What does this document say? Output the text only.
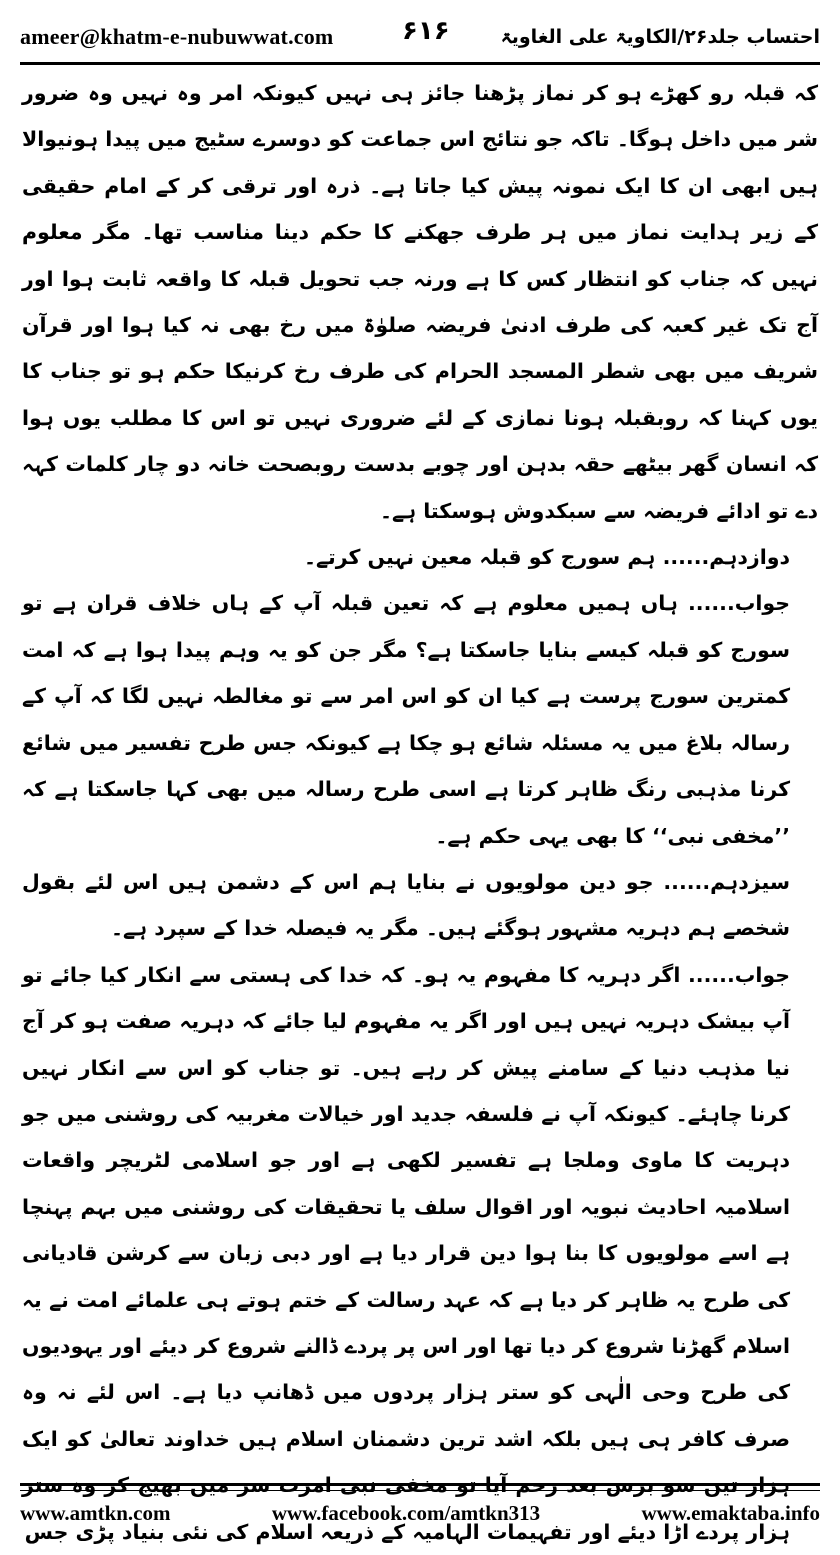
ameer@khatm-e-nubuwwat.com	۶۱۶	احتساب جلد۲۶/الکاویۃ علی الغاویۃ

کہ قبلہ رو کھڑے ہو کر نماز پڑھنا جائز ہی نہیں کیونکہ امر وہ نہیں وہ ضرور شر میں داخل ہوگا۔ تاکہ جو نتائج اس جماعت کو دوسرے سٹیج میں پیدا ہونیوالا ہیں ابھی ان کا ایک نمونہ پیش کیا جاتا ہے۔ ذرہ اور ترقی کر کے امام حقیقی کے زیر ہدایت نماز میں ہر طرف جھکنے کا حکم دینا مناسب تھا۔ مگر معلوم نہیں کہ جناب کو انتظار کس کا ہے ورنہ جب تحویل قبلہ کا واقعہ ثابت ہوا اور آج تک غیر کعبہ کی طرف ادنیٰ فریضہ صلوٰۃ میں رخ بھی نہ کیا ہوا اور قرآن شریف میں بھی شطر المسجد الحرام کی طرف رخ کرنیکا حکم ہو تو جناب کا یوں کہنا کہ روبقبلہ ہونا نمازی کے لئے ضروری نہیں تو اس کا مطلب یوں ہوا کہ انسان گھر بیٹھے حقہ بدہن اور چوبے بدست روبصحت خانہ دو چار کلمات کہہ دے تو ادائے فریضہ سے سبکدوش ہوسکتا ہے۔

دوازدہم...... ہم سورج کو قبلہ معین نہیں کرتے۔

جواب...... ہاں ہمیں معلوم ہے کہ تعین قبلہ آپ کے ہاں خلاف قران ہے تو سورج کو قبلہ کیسے بنایا جاسکتا ہے؟ مگر جن کو یہ وہم پیدا ہوا ہے کہ امت کمترین سورج پرست ہے کیا ان کو اس امر سے تو مغالطہ نہیں لگا کہ آپ کے رسالہ بلاغ میں یہ مسئلہ شائع ہو چکا ہے کیونکہ جس طرح تفسیر میں شائع کرنا مذہبی رنگ ظاہر کرتا ہے اسی طرح رسالہ میں بھی کہا جاسکتا ہے کہ ’’مخفی نبی‘‘ کا بھی یہی حکم ہے۔

سیزدہم...... جو دین مولویوں نے بنایا ہم اس کے دشمن ہیں اس لئے بقول شخصے ہم دہریہ مشہور ہوگئے ہیں۔ مگر یہ فیصلہ خدا کے سپرد ہے۔

جواب...... اگر دہریہ کا مفہوم یہ ہو۔ کہ خدا کی ہستی سے انکار کیا جائے تو آپ بیشک دہریہ نہیں ہیں اور اگر یہ مفہوم لیا جائے کہ دہریہ صفت ہو کر آج نیا مذہب دنیا کے سامنے پیش کر رہے ہیں۔ تو جناب کو اس سے انکار نہیں کرنا چاہئے۔ کیونکہ آپ نے فلسفہ جدید اور خیالات مغربیہ کی روشنی میں جو دہریت کا ماوی وملجا ہے تفسیر لکھی ہے اور جو اسلامی لٹریچر واقعات اسلامیہ احادیث نبویہ اور اقوال سلف یا تحقیقات کی روشنی میں بہم پہنچا ہے اسے مولویوں کا بنا ہوا دین قرار دیا ہے اور دبی زبان سے کرشن قادیانی کی طرح یہ ظاہر کر دیا ہے کہ عہد رسالت کے ختم ہوتے ہی علمائے امت نے یہ اسلام گھڑنا شروع کر دیا تھا اور اس پر پردے ڈالنے شروع کر دیئے اور یہودیوں کی طرح وحی الٰہی کو ستر ہزار پردوں میں ڈھانپ دیا ہے۔ اس لئے نہ وہ صرف کافر ہی ہیں بلکہ اشد ترین دشمنان اسلام ہیں خداوند تعالیٰ کو ایک ہزار تین سو برس بعد رحم آیا تو مخفی نبی امرت سر میں بھیج کر وہ ستر ہزار پردے اڑا دیئے اور تفہیمات الہامیہ کے ذریعہ اسلام کی نئی بنیاد پڑی جس

www.amtkn.com	www.facebook.com/amtkn313	www.emaktaba.info
